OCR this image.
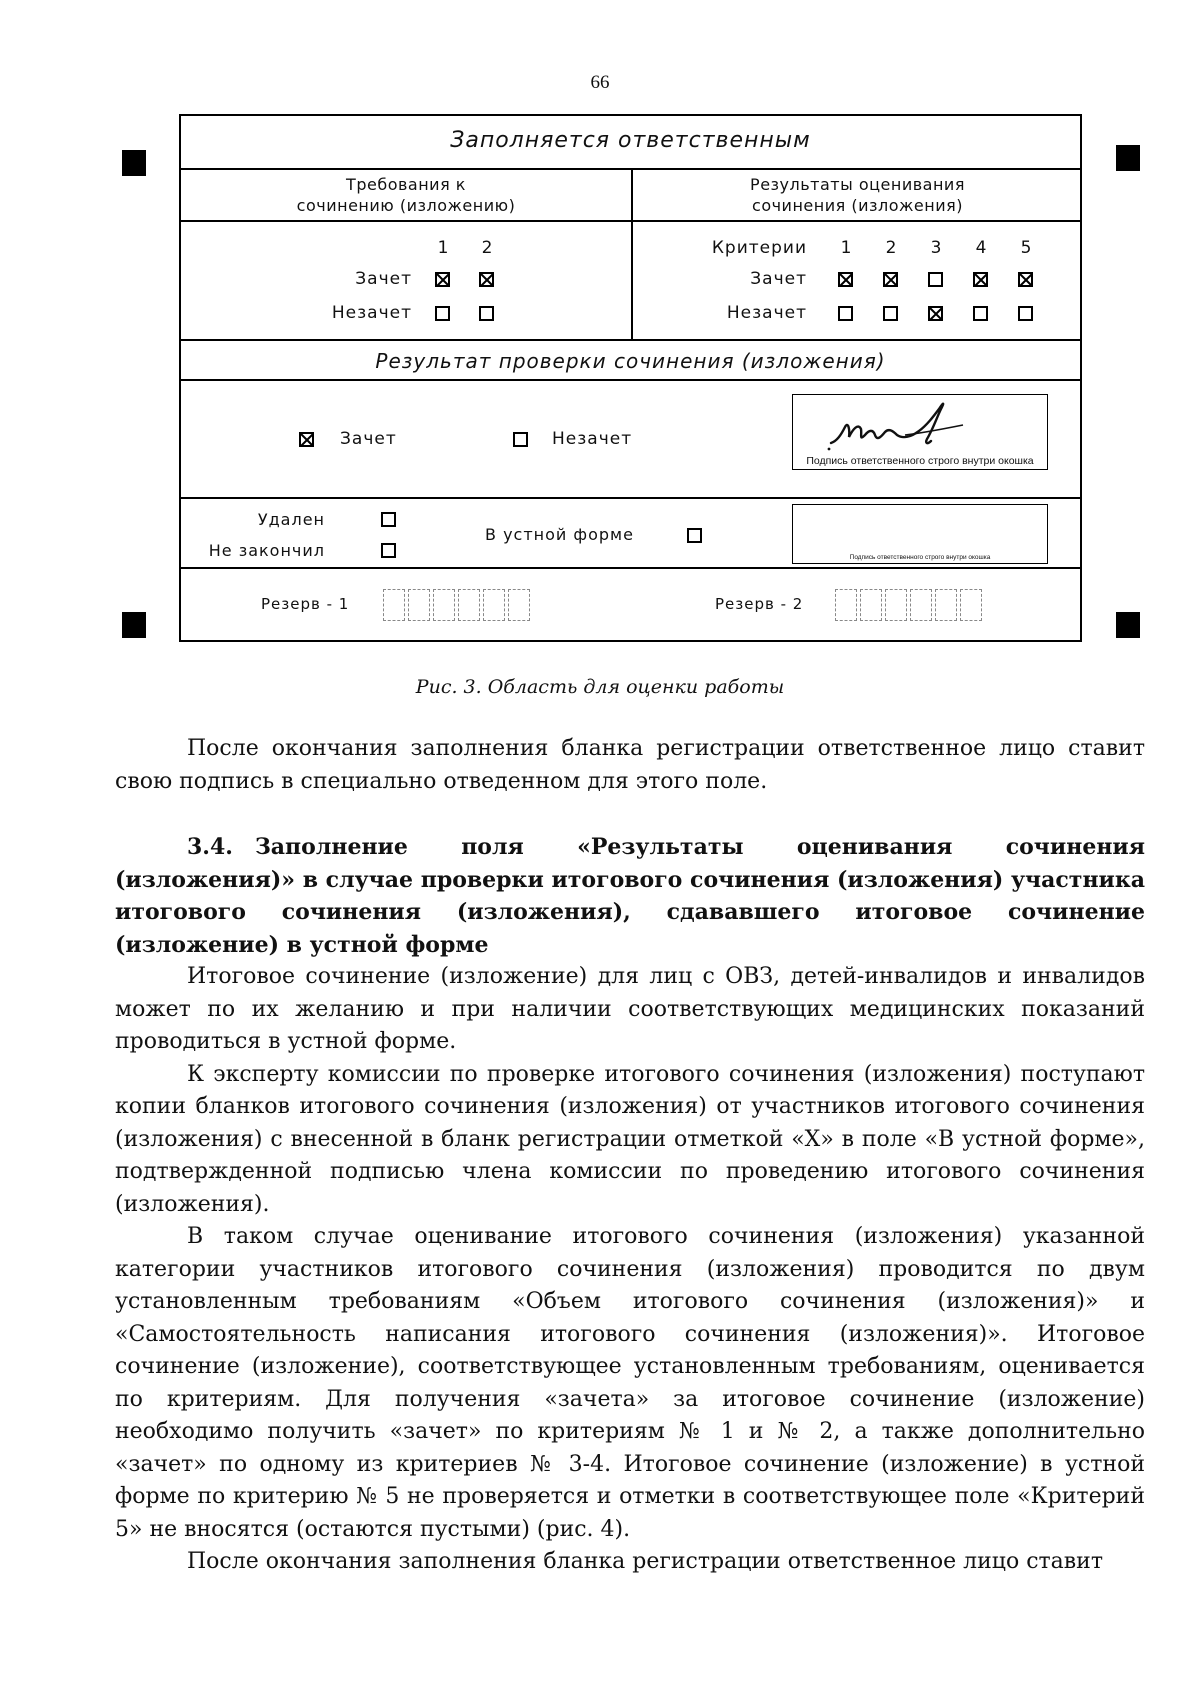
66
Заполняется ответственным
Требования к
сочинению (изложению)
Результаты оценивания
сочинения (изложения)
1 2
Зачет
Незачет
Критерии 1 2 3 4 5
Зачет
Незачет
Результат проверки сочинения (изложения)
Зачет	Незачет
Подпись ответственного строго внутри окошка
Удален
Не закончил
В устной форме
Подпись ответственного строго внутри окошка
Резерв - 1	Резерв - 2
Рис. 3. Область для оценки работы

После окончания заполнения бланка регистрации ответственное лицо ставит свою подпись в специально отведенном для этого поле.

3.4. Заполнение поля «Результаты оценивания сочинения (изложения)» в случае проверки итогового сочинения (изложения) участника итогового сочинения (изложения), сдававшего итоговое сочинение (изложение) в устной форме

Итоговое сочинение (изложение) для лиц с ОВЗ, детей-инвалидов и инвалидов может по их желанию и при наличии соответствующих медицинских показаний проводиться в устной форме.

К эксперту комиссии по проверке итогового сочинения (изложения) поступают копии бланков итогового сочинения (изложения) от участников итогового сочинения (изложения) с внесенной в бланк регистрации отметкой «X» в поле «В устной форме», подтвержденной подписью члена комиссии по проведению итогового сочинения (изложения).

В таком случае оценивание итогового сочинения (изложения) указанной категории участников итогового сочинения (изложения) проводится по двум установленным требованиям «Объем итогового сочинения (изложения)» и «Самостоятельность написания итогового сочинения (изложения)». Итоговое сочинение (изложение), соответствующее установленным требованиям, оценивается по критериям. Для получения «зачета» за итоговое сочинение (изложение) необходимо получить «зачет» по критериям № 1 и № 2, а также дополнительно «зачет» по одному из критериев № 3-4. Итоговое сочинение (изложение) в устной форме по критерию № 5 не проверяется и отметки в соответствующее поле «Критерий 5» не вносятся (остаются пустыми) (рис. 4).

После окончания заполнения бланка регистрации ответственное лицо ставит
